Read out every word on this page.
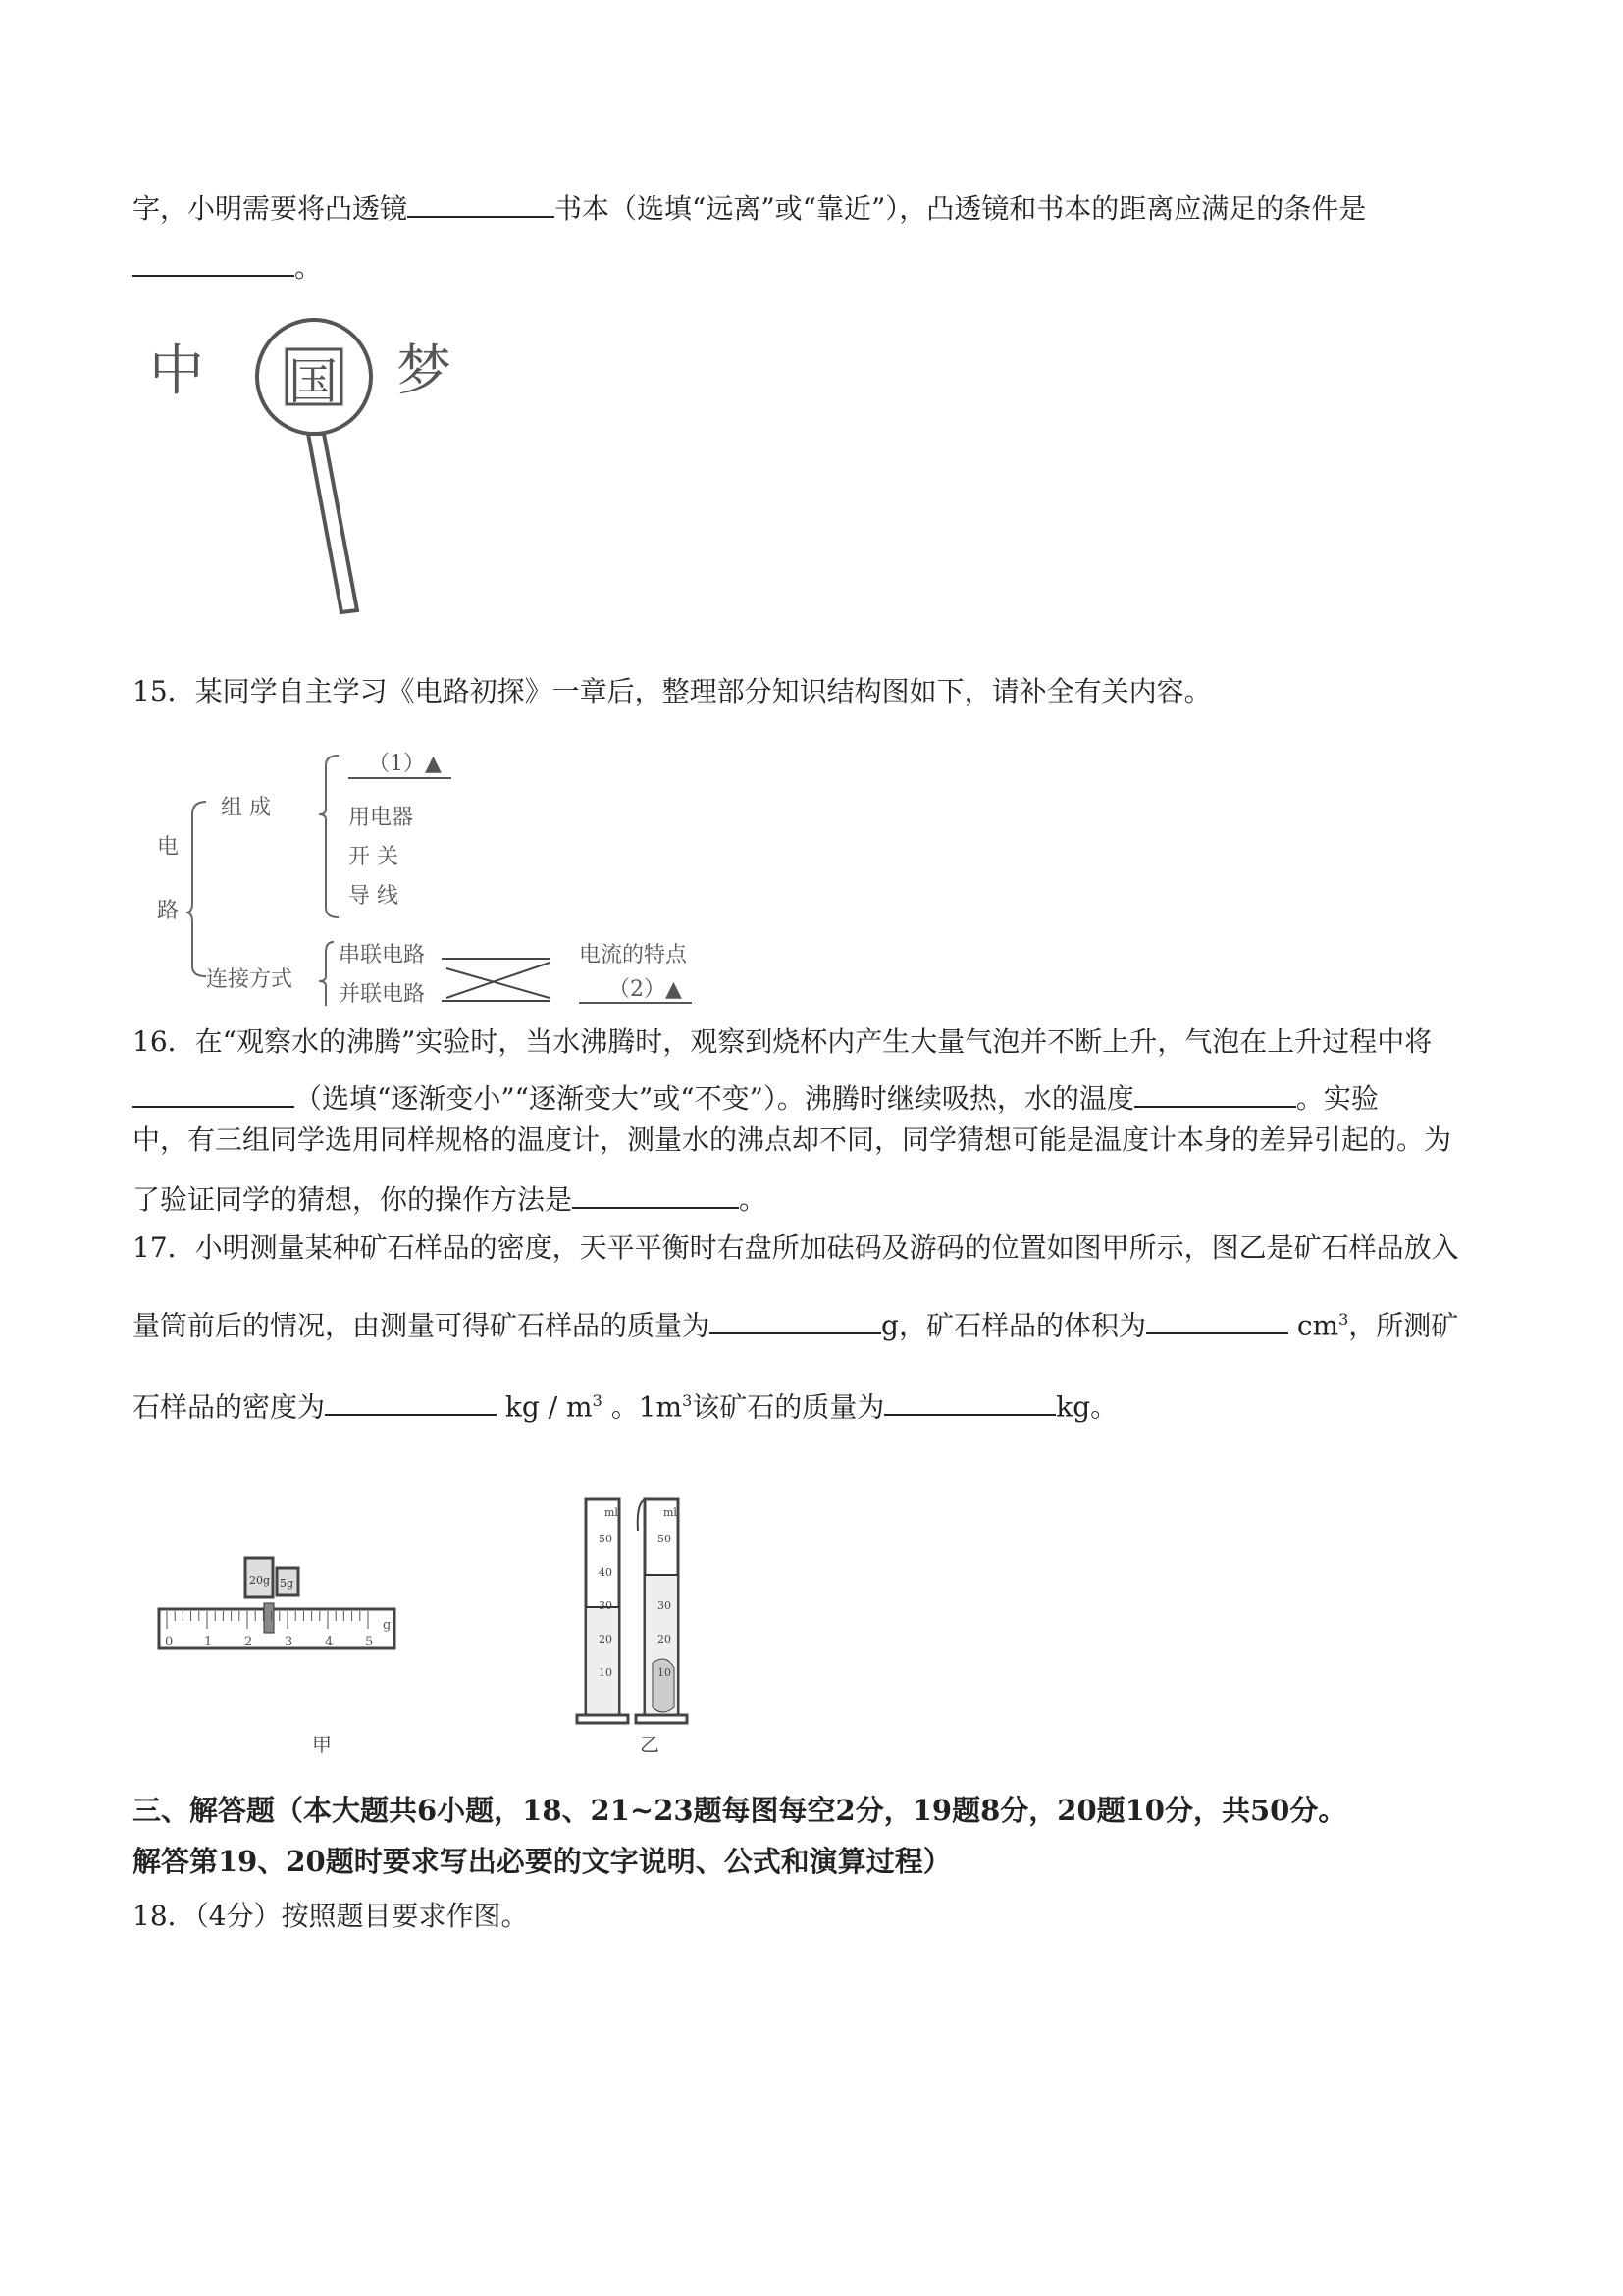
字，小明需要将凸透镜	书本（选填“远离”或“靠近”），凸透镜和书本的距离应满足的条件是
。
中 国 梦
15．某同学自主学习《电路初探》一章后，整理部分知识结构图如下，请补全有关内容。
电
路
组 成
（1）▲
用电器
开 关
导 线
连接方式
串联电路
并联电路
电流的特点
（2）▲
16．在“观察水的沸腾”实验时，当水沸腾时，观察到烧杯内产生大量气泡并不断上升，气泡在上升过程中将
（选填“逐渐变小”“逐渐变大”或“不变”）。沸腾时继续吸热，水的温度	。实验
中，有三组同学选用同样规格的温度计，测量水的沸点却不同，同学猜想可能是温度计本身的差异引起的。为
了验证同学的猜想，你的操作方法是	。
17．小明测量某种矿石样品的密度，天平平衡时右盘所加砝码及游码的位置如图甲所示，图乙是矿石样品放入
量筒前后的情况，由测量可得矿石样品的质量为	g，矿石样品的体积为	$cm^3$，所测矿
石样品的密度为	kg / $m^3$ 。$1m^3$该矿石的质量为	kg。
20g 5g
0 1	2	3	4	5
g
甲
ml	ml
50
40
30
20
10
50
30
20
10
乙
三、解答题（本大题共6小题，18、21~23题每图每空2分，19题8分，20题10分，共50分。
解答第19、20题时要求写出必要的文字说明、公式和演算过程）
18．（4分）按照题目要求作图。
